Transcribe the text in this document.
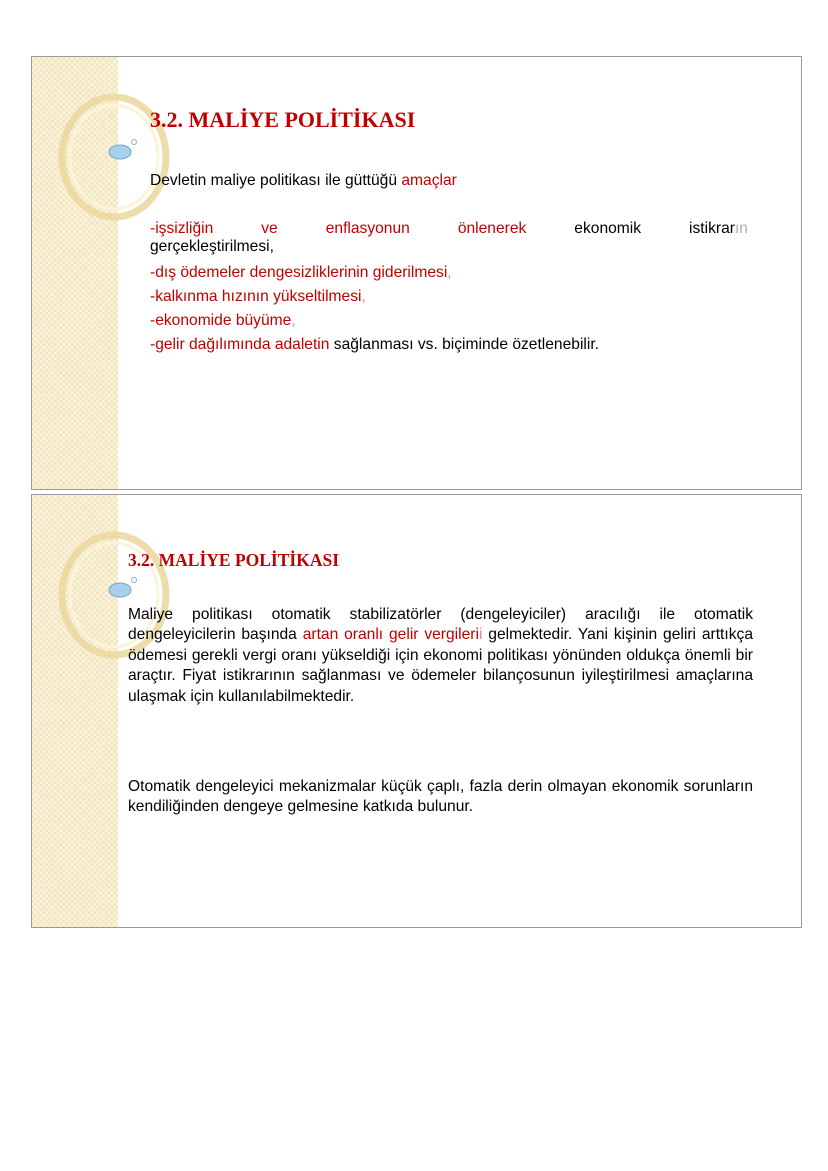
3.2. MALİYE POLİTİKASI
Devletin maliye politikası ile güttüğü amaçlar
-işsizliğin ve enflasyonun önlenerek ekonomik istikrarın
gerçekleştirilmesi,
-dış ödemeler dengesizliklerinin giderilmesi,
-kalkınma hızının yükseltilmesi,
-ekonomide büyüme,
-gelir dağılımında adaletin sağlanması vs. biçiminde özetlenebilir.
3.2. MALİYE POLİTİKASI
Maliye politikası otomatik stabilizatörler (dengeleyiciler) aracılığı ile otomatik dengeleyicilerin başında artan oranlı gelir vergilerii gelmektedir. Yani kişinin geliri arttıkça ödemesi gerekli vergi oranı yükseldiği için ekonomi politikası yönünden oldukça önemli bir araçtır. Fiyat istikrarının sağlanması ve ödemeler bilançosunun iyileştirilmesi amaçlarına ulaşmak için kullanılabilmektedir.
Otomatik dengeleyici mekanizmalar küçük çaplı, fazla derin olmayan ekonomik sorunların kendiliğinden dengeye gelmesine katkıda bulunur.
